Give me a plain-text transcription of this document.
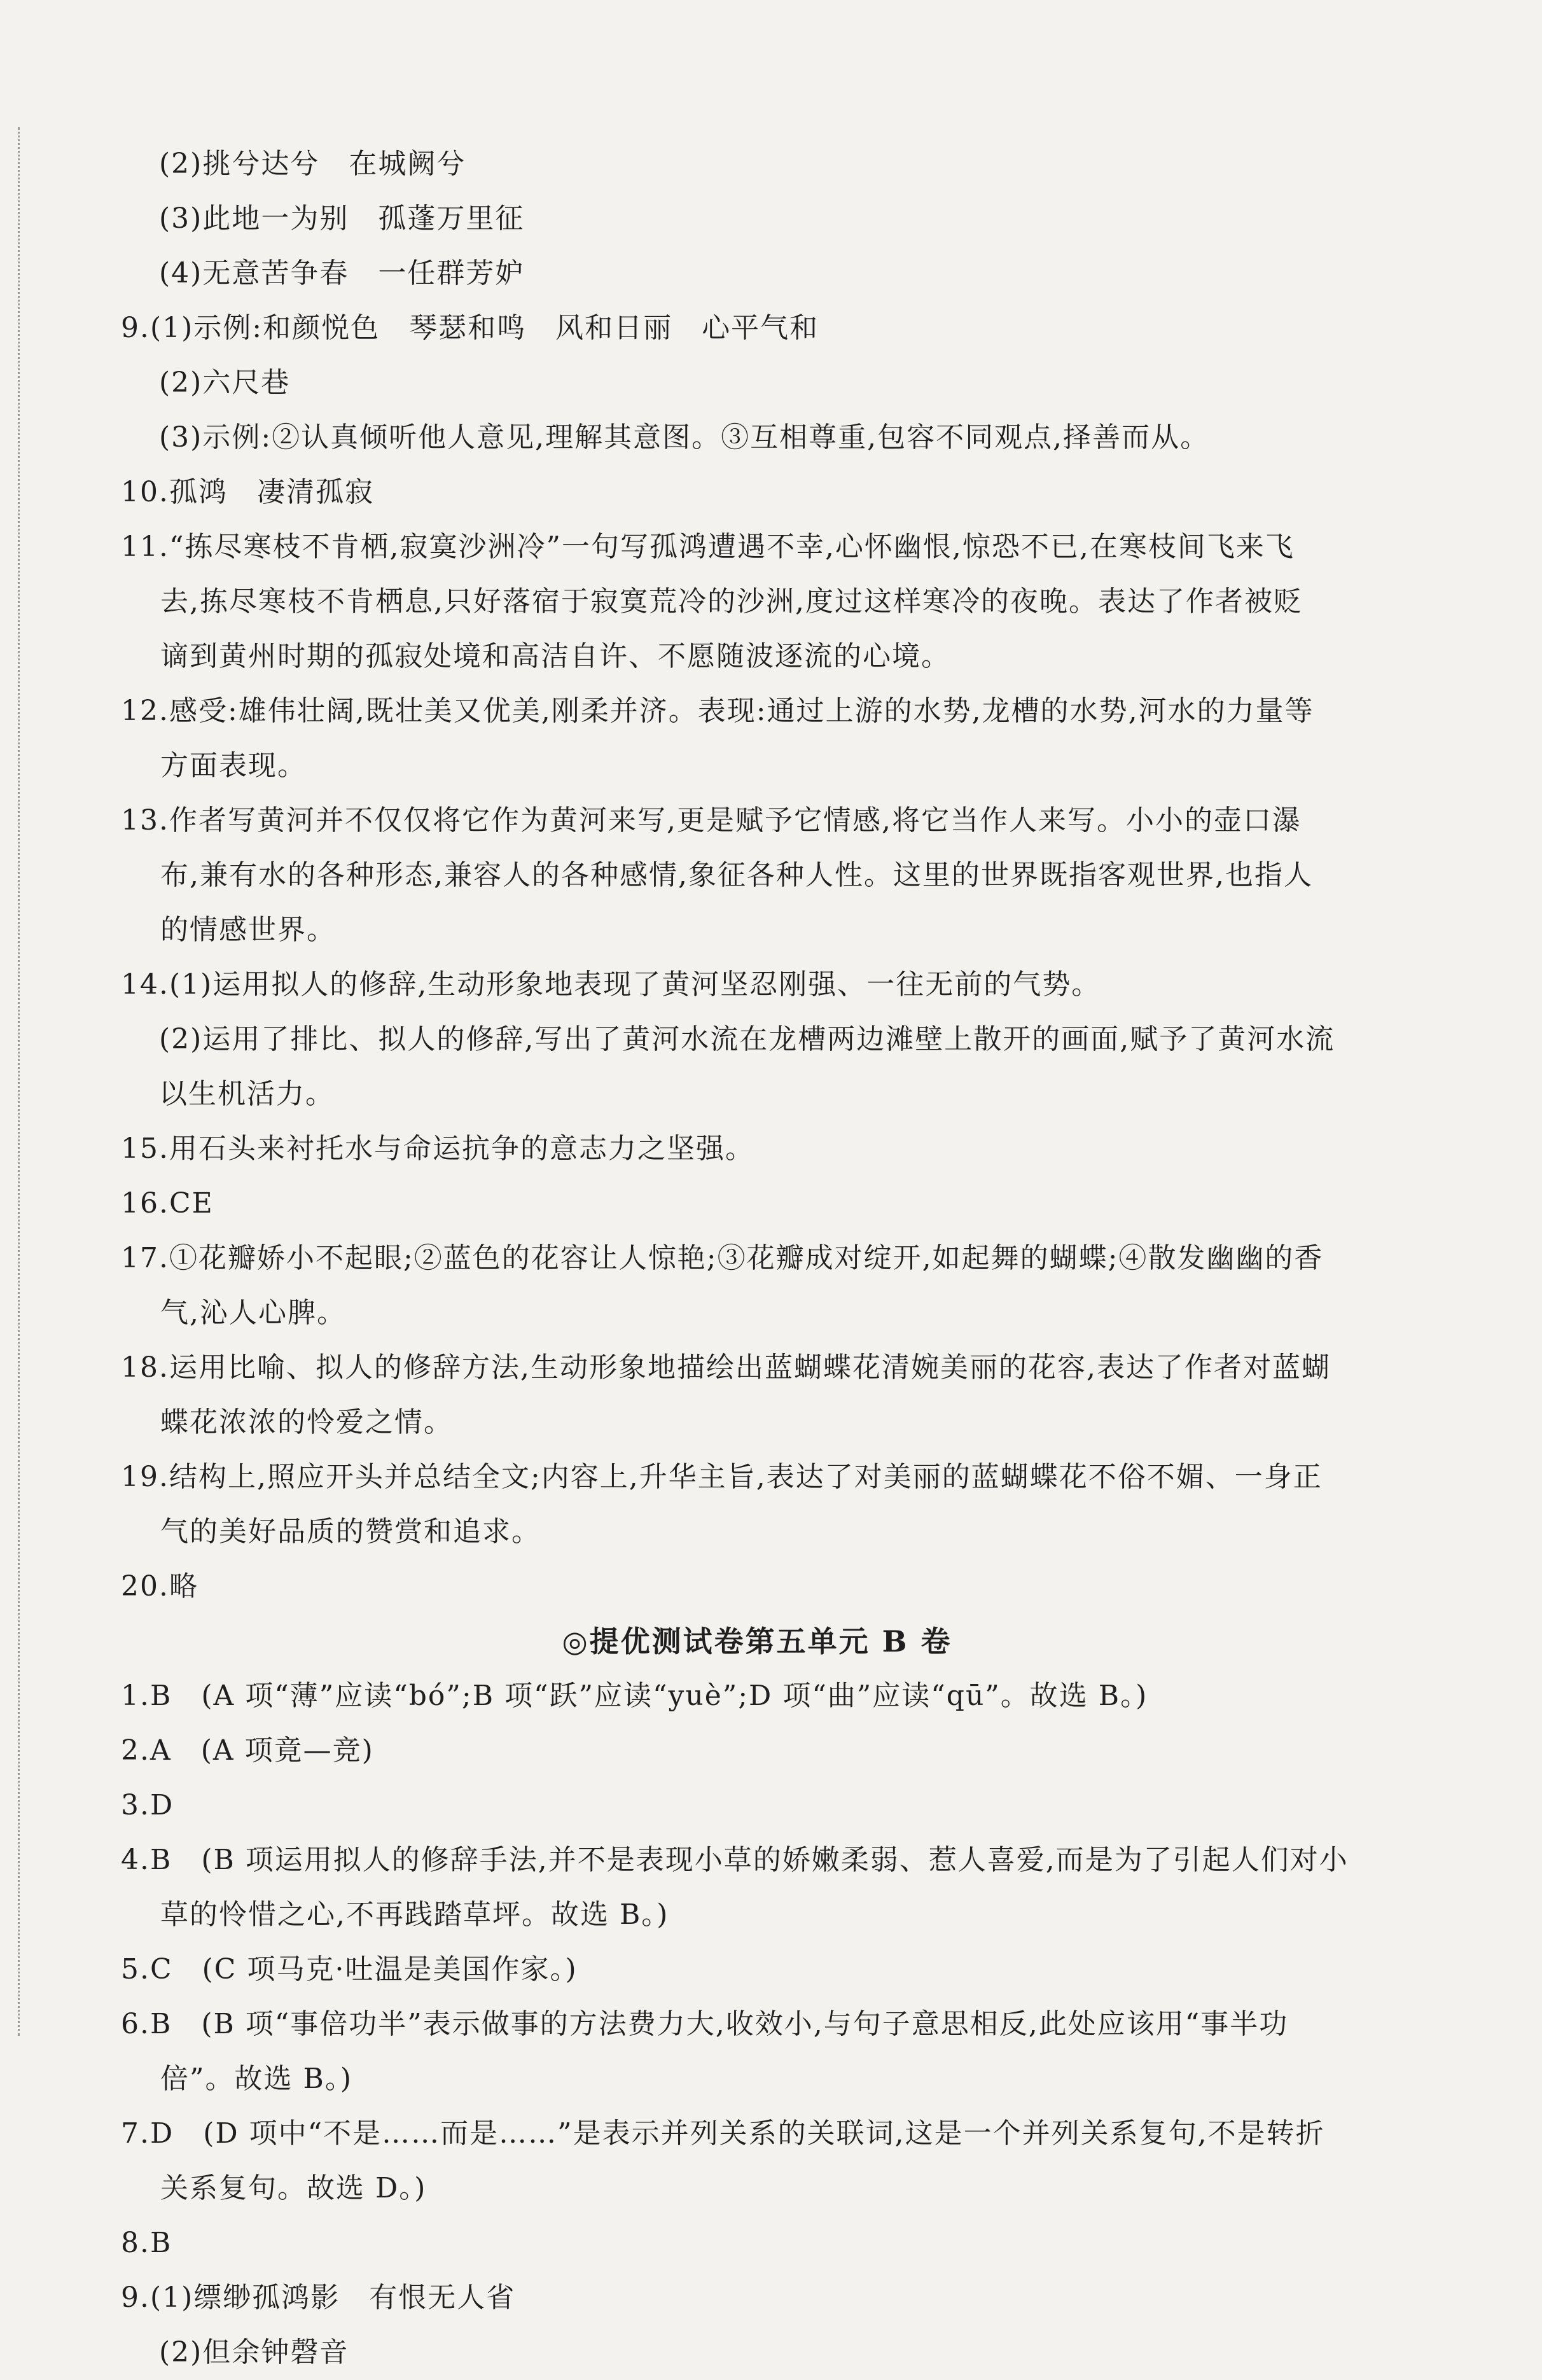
(2)挑兮达兮　在城阙兮
(3)此地一为别　孤蓬万里征
(4)无意苦争春　一任群芳妒
9.(1)示例:和颜悦色　琴瑟和鸣　风和日丽　心平气和
(2)六尺巷
(3)示例:②认真倾听他人意见,理解其意图。③互相尊重,包容不同观点,择善而从。
10.孤鸿　凄清孤寂
11.“拣尽寒枝不肯栖,寂寞沙洲冷”一句写孤鸿遭遇不幸,心怀幽恨,惊恐不已,在寒枝间飞来飞
去,拣尽寒枝不肯栖息,只好落宿于寂寞荒冷的沙洲,度过这样寒冷的夜晚。表达了作者被贬
谪到黄州时期的孤寂处境和高洁自许、不愿随波逐流的心境。
12.感受:雄伟壮阔,既壮美又优美,刚柔并济。表现:通过上游的水势,龙槽的水势,河水的力量等
方面表现。
13.作者写黄河并不仅仅将它作为黄河来写,更是赋予它情感,将它当作人来写。小小的壶口瀑
布,兼有水的各种形态,兼容人的各种感情,象征各种人性。这里的世界既指客观世界,也指人
的情感世界。
14.(1)运用拟人的修辞,生动形象地表现了黄河坚忍刚强、一往无前的气势。
(2)运用了排比、拟人的修辞,写出了黄河水流在龙槽两边滩壁上散开的画面,赋予了黄河水流
以生机活力。
15.用石头来衬托水与命运抗争的意志力之坚强。
16.CE
17.①花瓣娇小不起眼;②蓝色的花容让人惊艳;③花瓣成对绽开,如起舞的蝴蝶;④散发幽幽的香
气,沁人心脾。
18.运用比喻、拟人的修辞方法,生动形象地描绘出蓝蝴蝶花清婉美丽的花容,表达了作者对蓝蝴
蝶花浓浓的怜爱之情。
19.结构上,照应开头并总结全文;内容上,升华主旨,表达了对美丽的蓝蝴蝶花不俗不媚、一身正
气的美好品质的赞赏和追求。
20.略
◎提优测试卷第五单元 B 卷
1.B　(A 项“薄”应读“bó”;B 项“跃”应读“yuè”;D 项“曲”应读“qū”。故选 B。)
2.A　(A 项竟—竞)
3.D
4.B　(B 项运用拟人的修辞手法,并不是表现小草的娇嫩柔弱、惹人喜爱,而是为了引起人们对小
草的怜惜之心,不再践踏草坪。故选 B。)
5.C　(C 项马克·吐温是美国作家。)
6.B　(B 项“事倍功半”表示做事的方法费力大,收效小,与句子意思相反,此处应该用“事半功
倍”。故选 B。)
7.D　(D 项中“不是……而是……”是表示并列关系的关联词,这是一个并列关系复句,不是转折
关系复句。故选 D。)
8.B
9.(1)缥缈孤鸿影　有恨无人省
(2)但余钟磬音
